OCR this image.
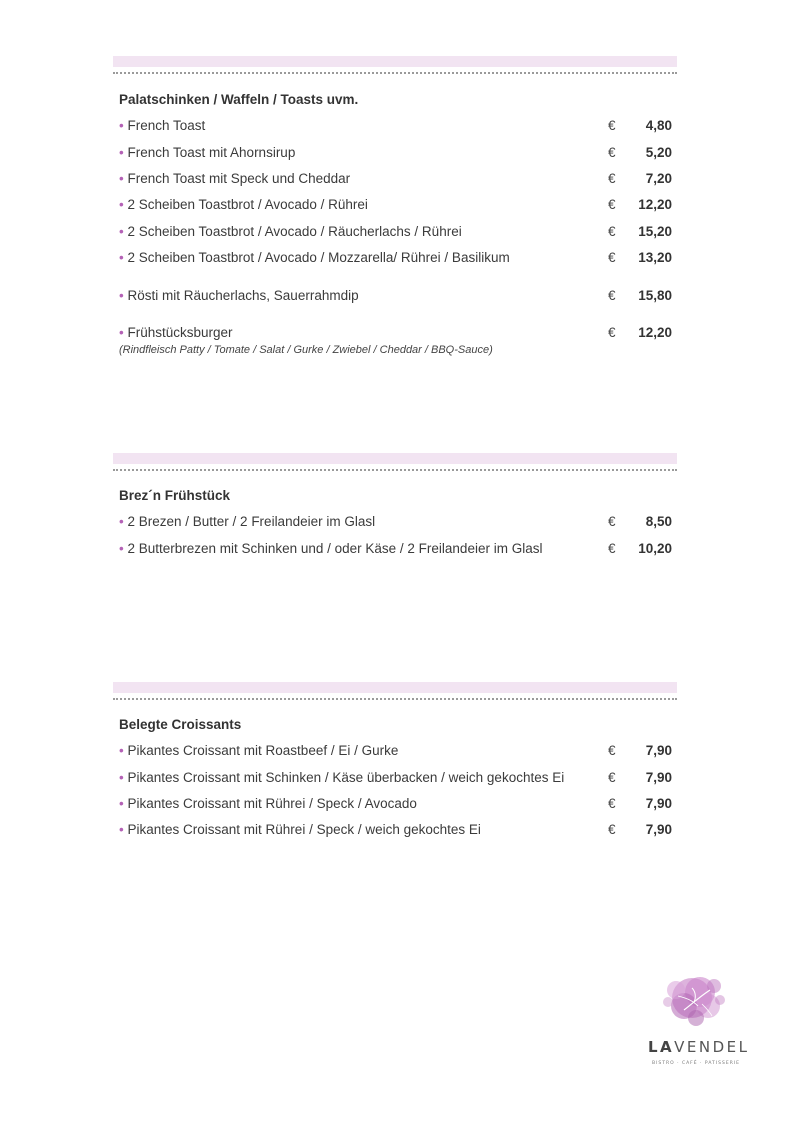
Palatschinken / Waffeln / Toasts uvm.
• French Toast	€ 4,80
• French Toast mit Ahornsirup	€ 5,20
• French Toast mit Speck und Cheddar	€ 7,20
• 2 Scheiben Toastbrot / Avocado / Rührei	€ 12,20
• 2 Scheiben Toastbrot / Avocado / Räucherlachs / Rührei	€ 15,20
• 2 Scheiben Toastbrot / Avocado / Mozzarella/ Rührei / Basilikum	€ 13,20
• Rösti mit Räucherlachs, Sauerrahmdip	€ 15,80
• Frühstücksburger	€ 12,20
(Rindfleisch Patty / Tomate / Salat / Gurke / Zwiebel / Cheddar / BBQ-Sauce)
Brez´n Frühstück
• 2 Brezen / Butter / 2 Freilandeier im Glasl	€ 8,50
• 2 Butterbrezen mit Schinken und / oder Käse / 2 Freilandeier im Glasl	€ 10,20
Belegte Croissants
• Pikantes Croissant mit Roastbeef / Ei / Gurke	€ 7,90
• Pikantes Croissant mit Schinken / Käse überbacken / weich gekochtes Ei	€ 7,90
• Pikantes Croissant mit Rührei / Speck / Avocado	€ 7,90
• Pikantes Croissant mit Rührei / Speck / weich gekochtes Ei	€ 7,90
LAVENDEL
BISTRO · CAFÉ · PATISSERIE
